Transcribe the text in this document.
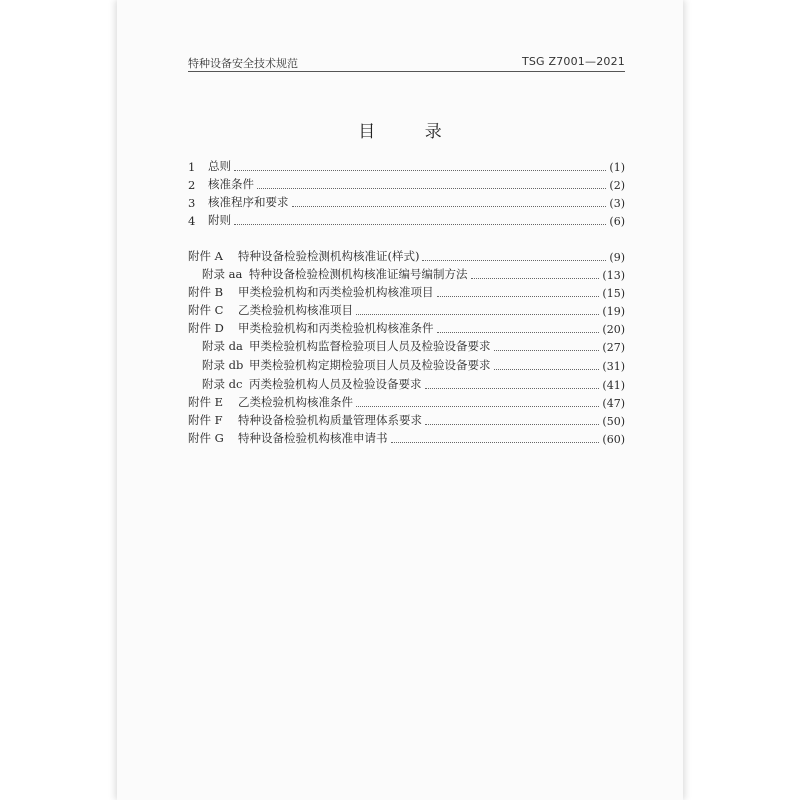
特种设备安全技术规范	TSG Z7001—2021
目 录
1	总则	(1)
2	核准条件	(2)
3	核准程序和要求	(3)
4	附则	(6)
附件 A	特种设备检验检测机构核准证(样式)	(9)
附录 aa 特种设备检验检测机构核准证编号编制方法	(13)
附件 B	甲类检验机构和丙类检验机构核准项目	(15)
附件 C	乙类检验机构核准项目	(19)
附件 D	甲类检验机构和丙类检验机构核准条件	(20)
附录 da 甲类检验机构监督检验项目人员及检验设备要求	(27)
附录 db 甲类检验机构定期检验项目人员及检验设备要求	(31)
附录 dc 丙类检验机构人员及检验设备要求	(41)
附件 E	乙类检验机构核准条件	(47)
附件 F	特种设备检验机构质量管理体系要求	(50)
附件 G	特种设备检验机构核准申请书	(60)
